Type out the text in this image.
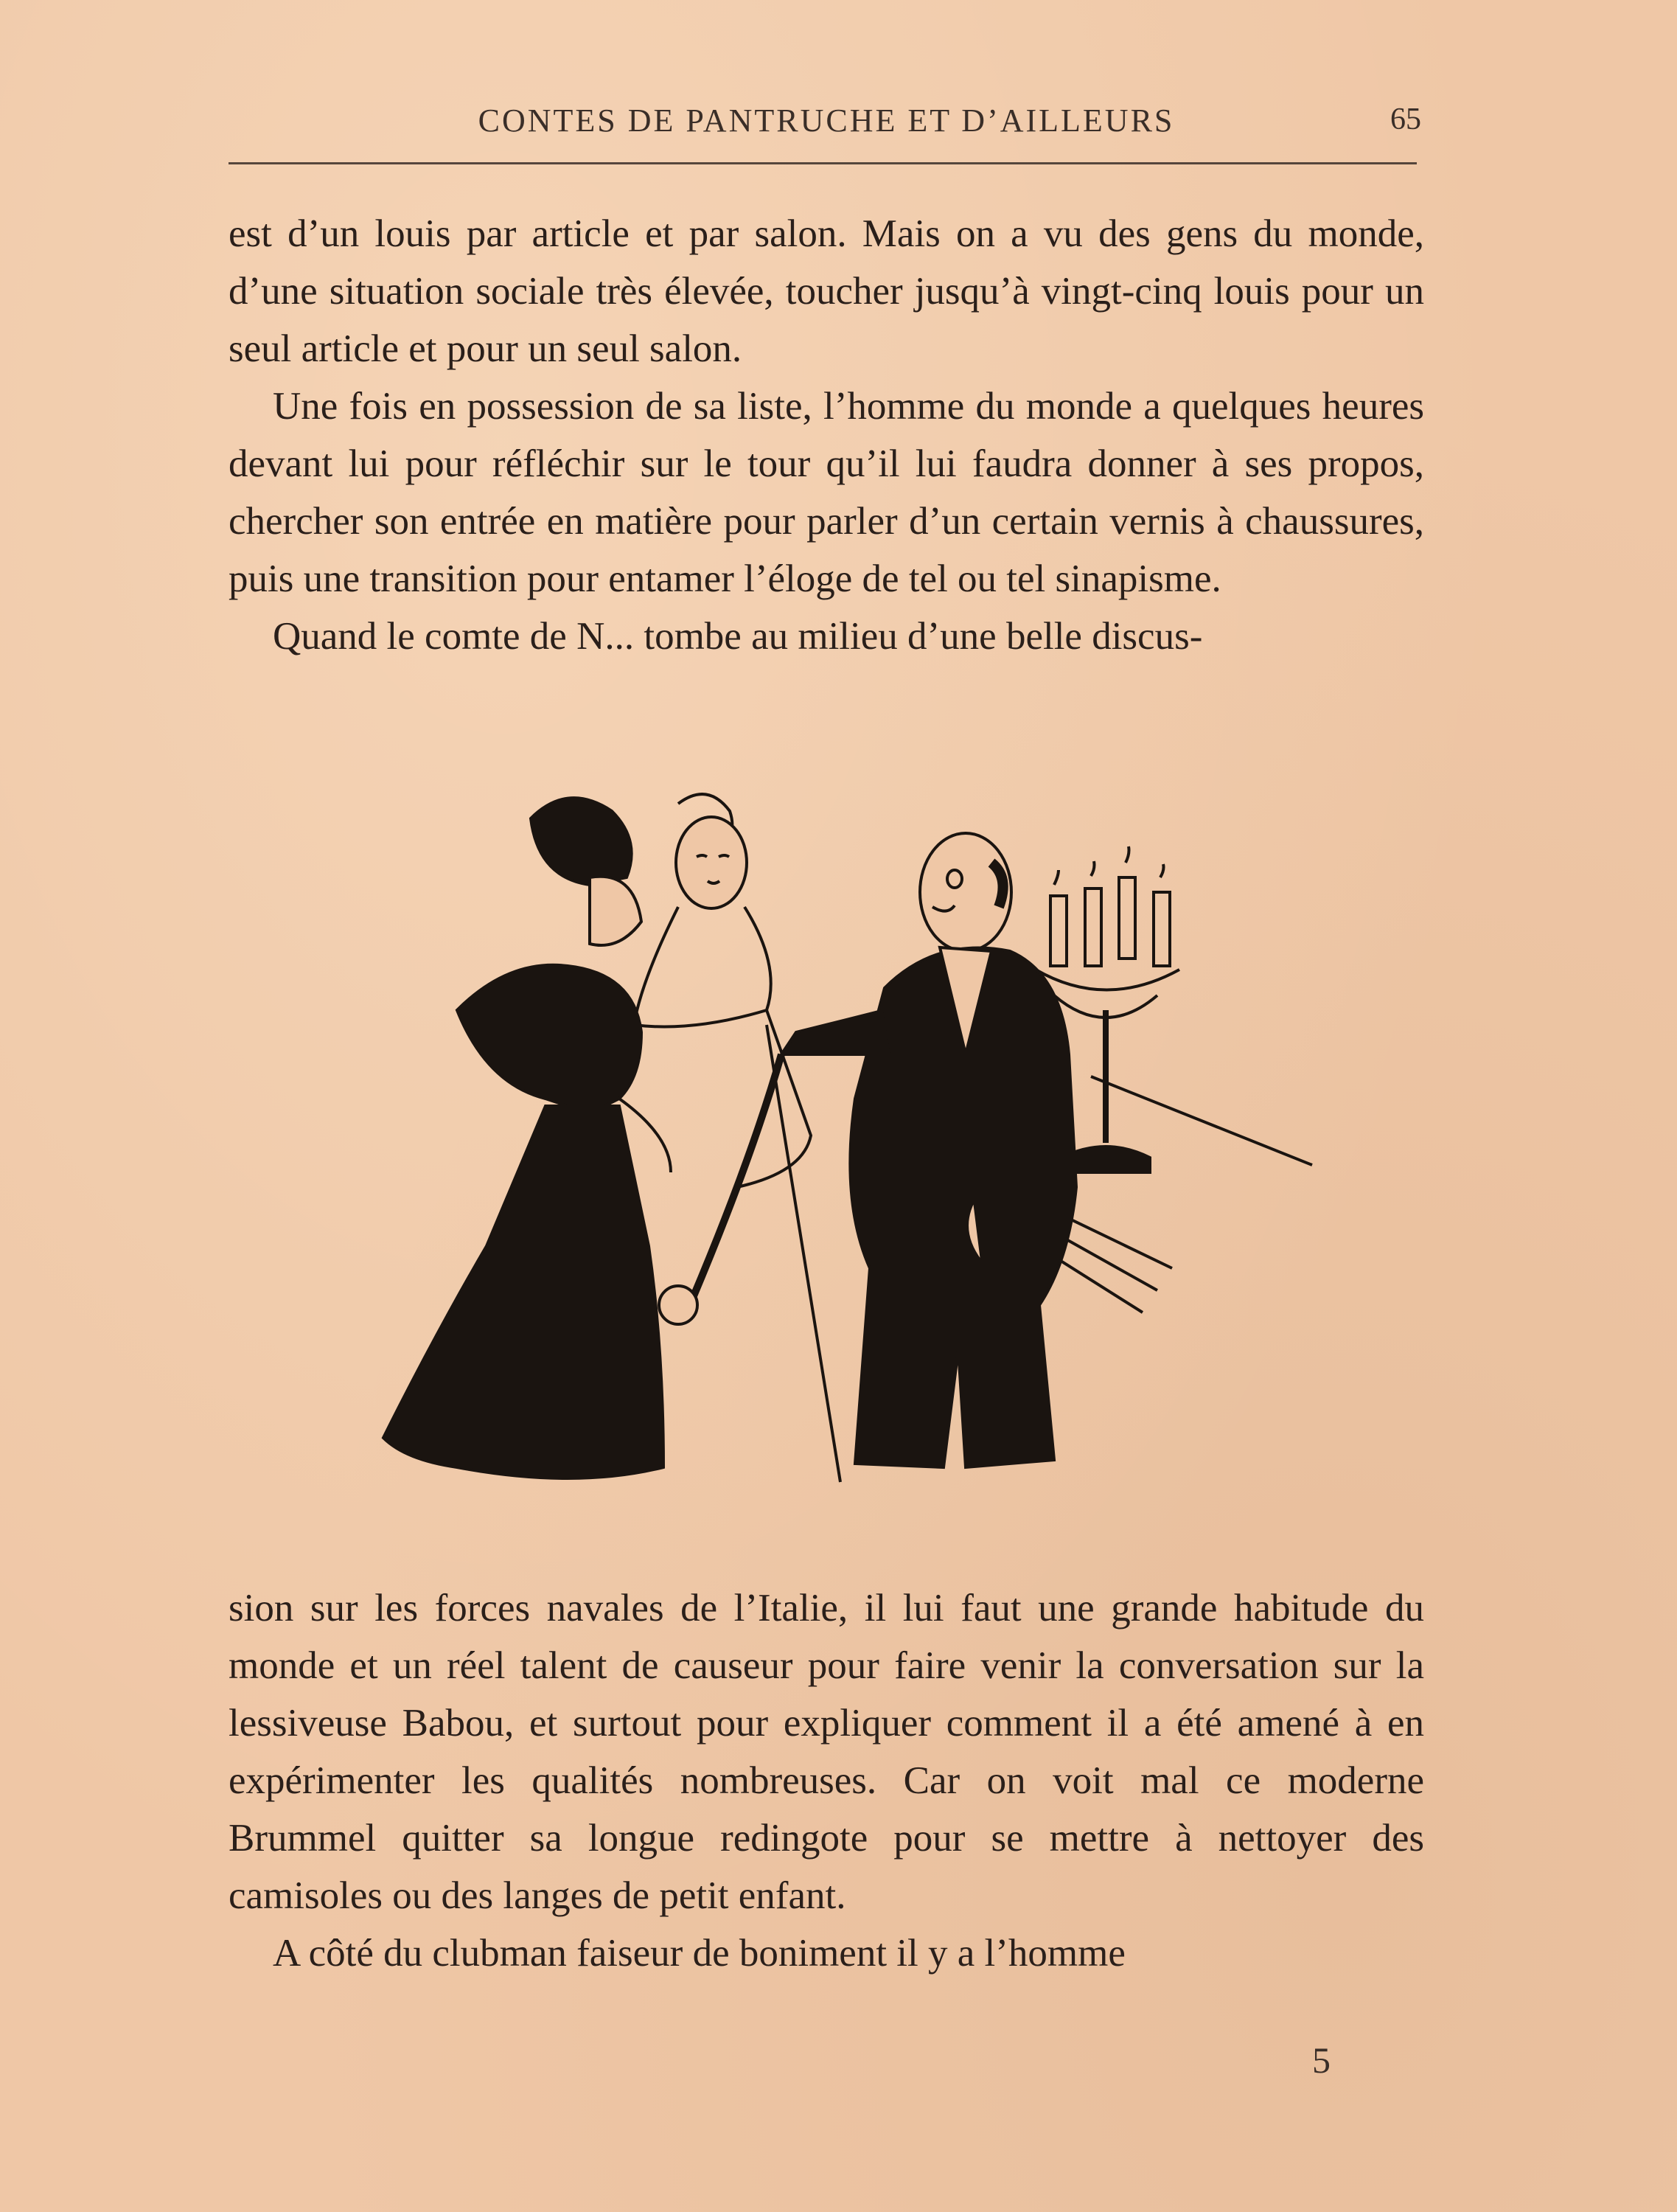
CONTES DE PANTRUCHE ET D’AILLEURS	65

est d’un louis par article et par salon. Mais on a vu des gens du monde, d’une situation sociale très élevée, toucher jusqu’à vingt-cinq louis pour un seul article et pour un seul salon.

Une fois en possession de sa liste, l’homme du monde a quelques heures devant lui pour réfléchir sur le tour qu’il lui faudra donner à ses propos, chercher son entrée en matière pour parler d’un certain vernis à chaussures, puis une transition pour entamer l’éloge de tel ou tel sinapisme.

Quand le comte de N... tombe au milieu d’une belle discus-

sion sur les forces navales de l’Italie, il lui faut une grande habitude du monde et un réel talent de causeur pour faire venir la conversation sur la lessiveuse Babou, et surtout pour expliquer comment il a été amené à en expérimenter les qualités nombreuses. Car on voit mal ce moderne Brummel quitter sa longue redingote pour se mettre à nettoyer des camisoles ou des langes de petit enfant.

A côté du clubman faiseur de boniment il y a l’homme

5
